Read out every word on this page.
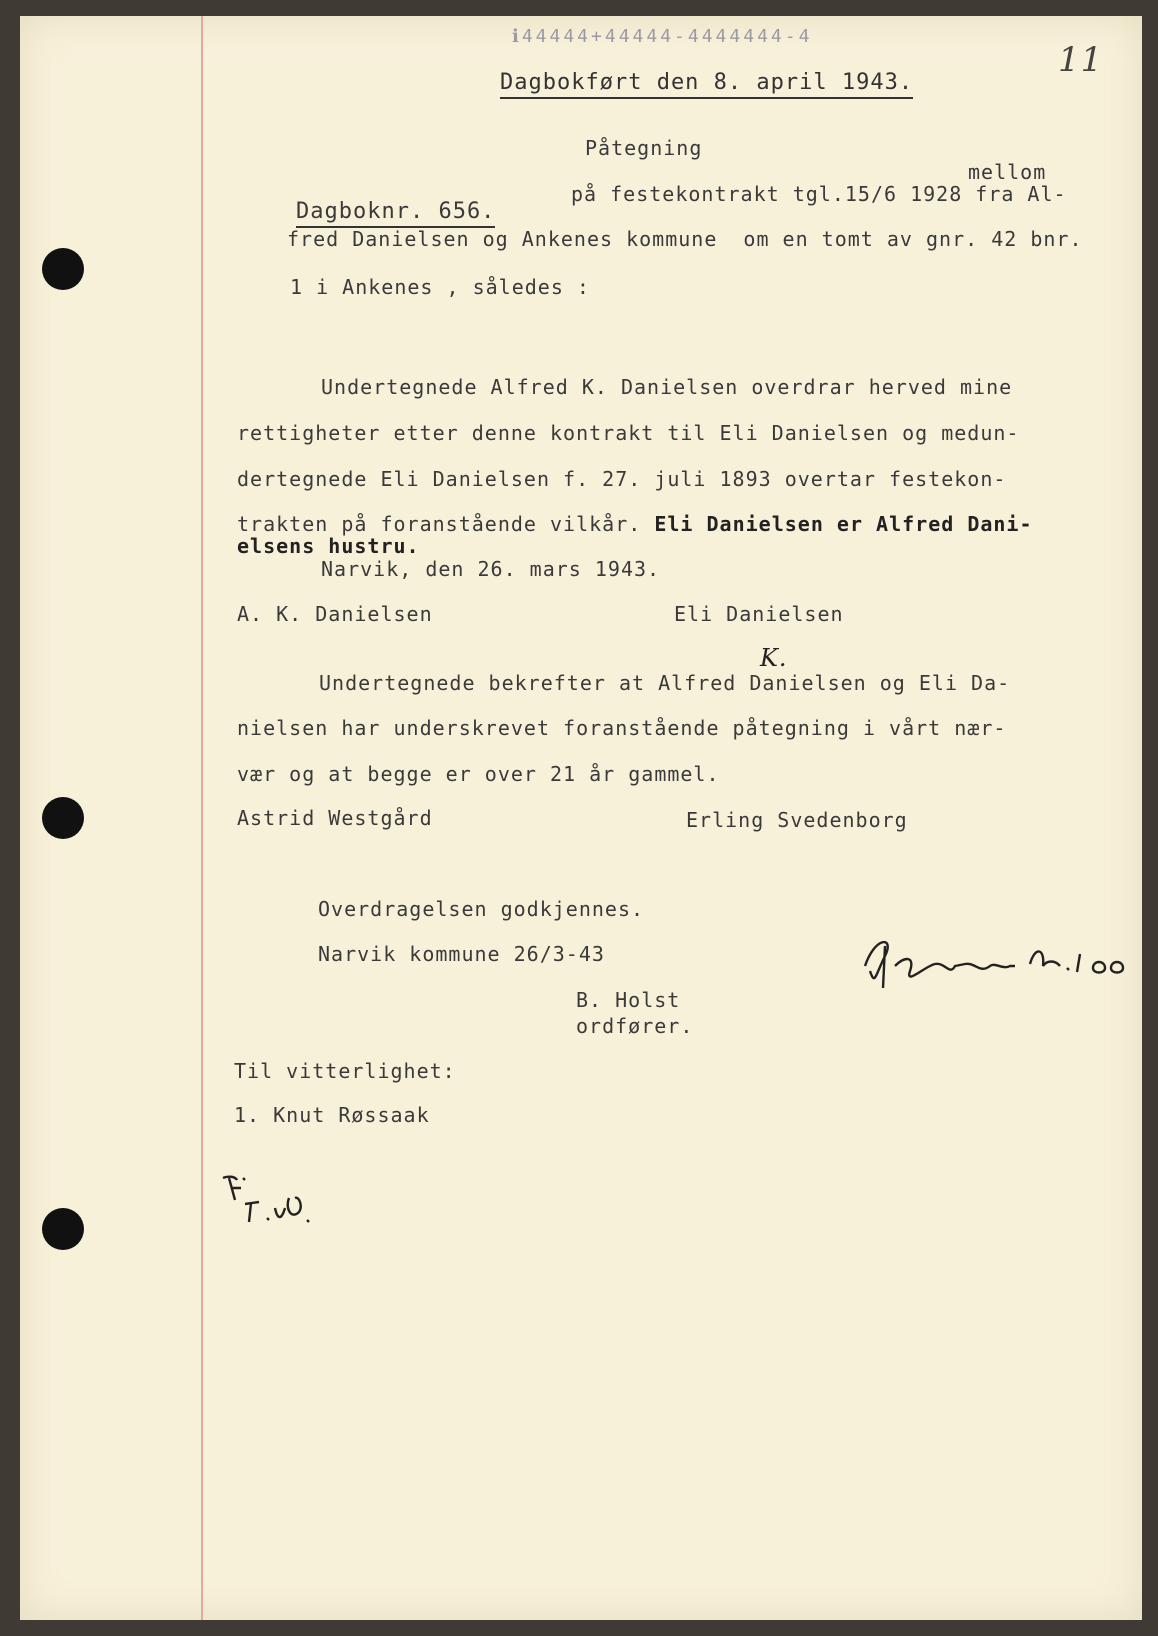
ℹ44444+44444-4444444-4
11
Dagbokført den 8. april 1943.
Påtegning
mellom
på festekontrakt tgl.15/6 1928 fra Al-
Dagboknr. 656.
fred Danielsen og Ankenes kommune  om en tomt av gnr. 42 bnr.
1 i Ankenes , således :
Undertegnede Alfred K. Danielsen overdrar herved mine
rettigheter etter denne kontrakt til Eli Danielsen og medun-
dertegnede Eli Danielsen f. 27. juli 1893 overtar festekon-
trakten på foranstående vilkår. Eli Danielsen er Alfred Dani-
elsens hustru.
Narvik, den 26. mars 1943.
A. K. Danielsen	Eli Danielsen
K.
Undertegnede bekrefter at Alfred Danielsen og Eli Da-
nielsen har underskrevet foranstående påtegning i vårt nær-
vær og at begge er over 21 år gammel.
Astrid Westgård	Erling Svedenborg
Overdragelsen godkjennes.
Narvik kommune 26/3-43
B. Holst
ordfører.
Til vitterlighet:
1. Knut Røssaak
